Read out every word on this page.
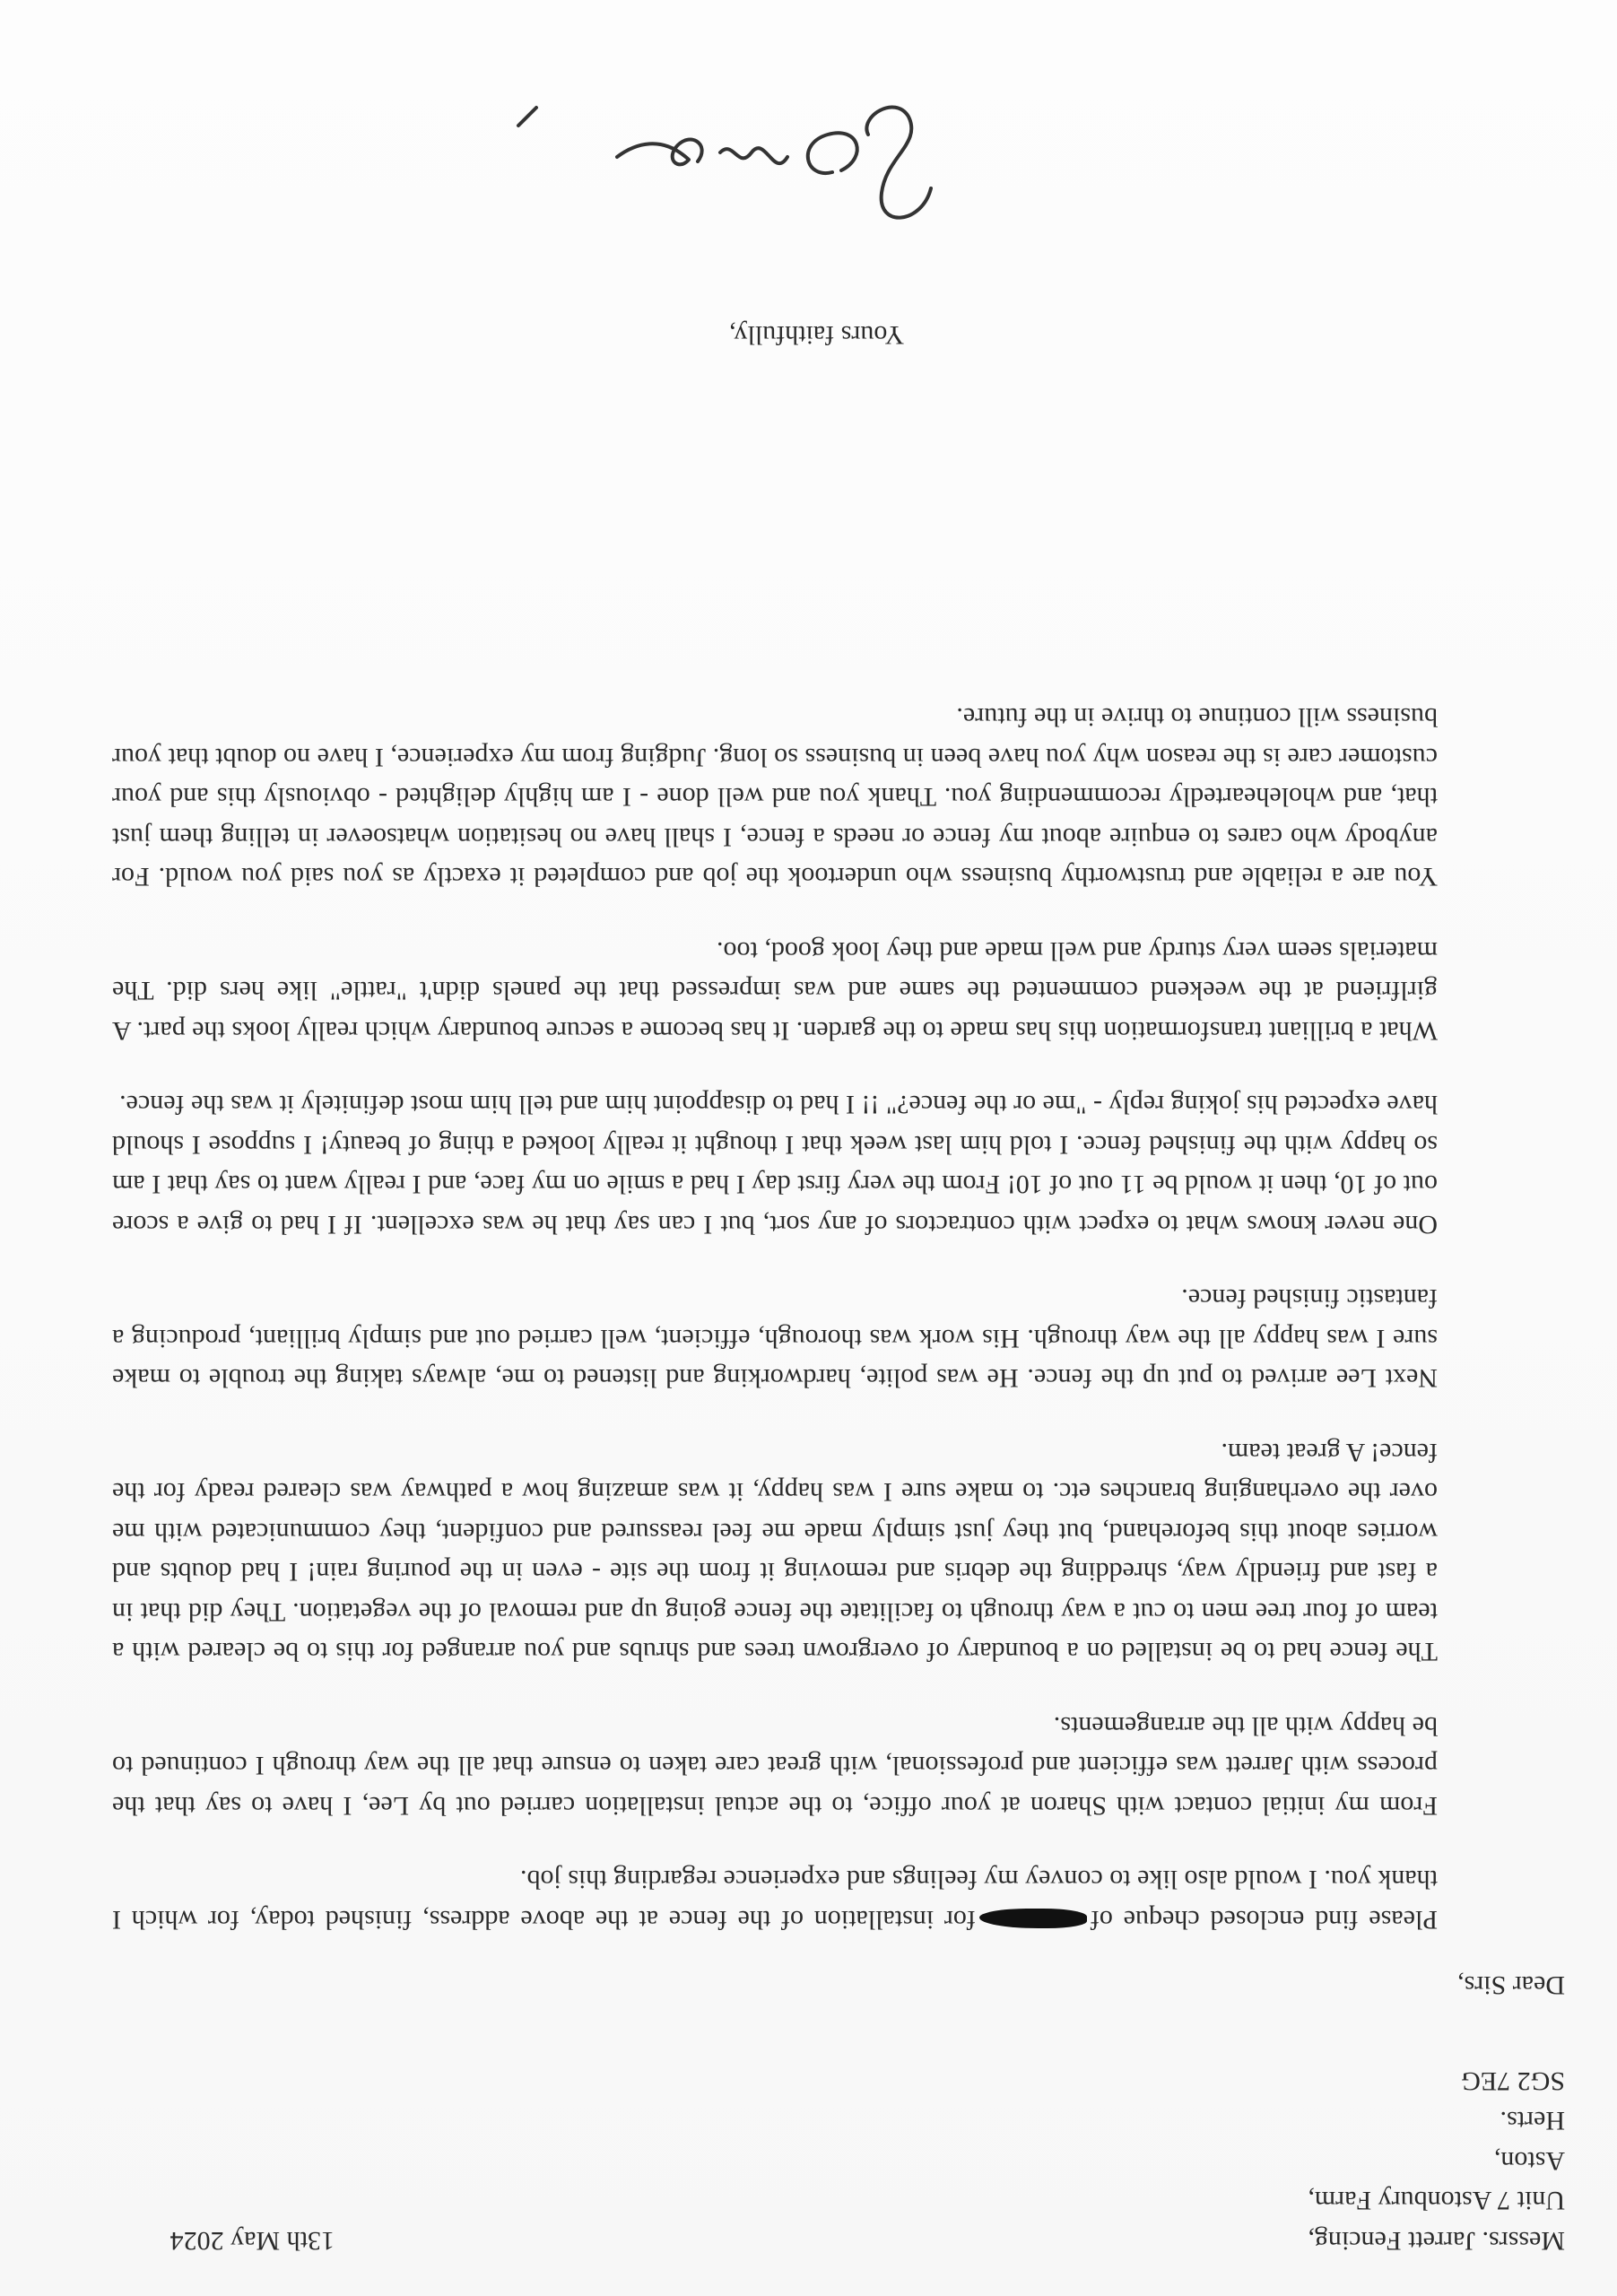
Messrs. Jarrett Fencing,
Unit 7 Astonbury Farm,
Aston,
Herts.
SG2 7EG
13th May 2024
Dear Sirs,

Please find enclosed cheque offor installation of the fence at the above address, finished today, for which I thank you. I would also like to convey my feelings and experience regarding this job.

From my initial contact with Sharon at your office, to the actual installation carried out by Lee, I have to say that the process with Jarrett was efficient and professional, with great care taken to ensure that all the way through I continued to be happy with all the arrangements.

The fence had to be installed on a boundary of overgrown trees and shrubs and you arranged for this to be cleared with a team of four tree men to cut a way through to facilitate the fence going up and removal of the vegetation. They did that in a fast and friendly way, shredding the debris and removing it from the site - even in the pouring rain! I had doubts and worries about this beforehand, but they just simply made me feel reassured and confident, they communicated with me over the overhanging branches etc. to make sure I was happy, it was amazing how a pathway was cleared ready for the fence! A great team.

Next Lee arrived to put up the fence. He was polite, hardworking and listened to me, always taking the trouble to make sure I was happy all the way through. His work was thorough, efficient, well carried out and simply brilliant, producing a fantastic finished fence.

One never knows what to expect with contractors of any sort, but I can say that he was excellent. If I had to give a score out of 10, then it would be 11 out of 10! From the very first day I had a smile on my face, and I really want to say that I am so happy with the finished fence. I told him last week that I thought it really looked a thing of beauty! I suppose I should have expected his joking reply - "me or the fence?" !! I had to disappoint him and tell him most definitely it was the fence.

What a brilliant transformation this has made to the garden. It has become a secure boundary which really looks the part. A girlfriend at the weekend commented the same and was impressed that the panels didn't "rattle" like hers did. The materials seem very sturdy and well made and they look good, too.

You are a reliable and trustworthy business who undertook the job and completed it exactly as you said you would. For anybody who cares to enquire about my fence or needs a fence, I shall have no hesitation whatsoever in telling them just that, and wholeheartedly recommending you. Thank you and well done - I am highly delighted - obviously this and your customer care is the reason why you have been in business so long. Judging from my experience, I have no doubt that your business will continue to thrive in the future.

Yours faithfully,
